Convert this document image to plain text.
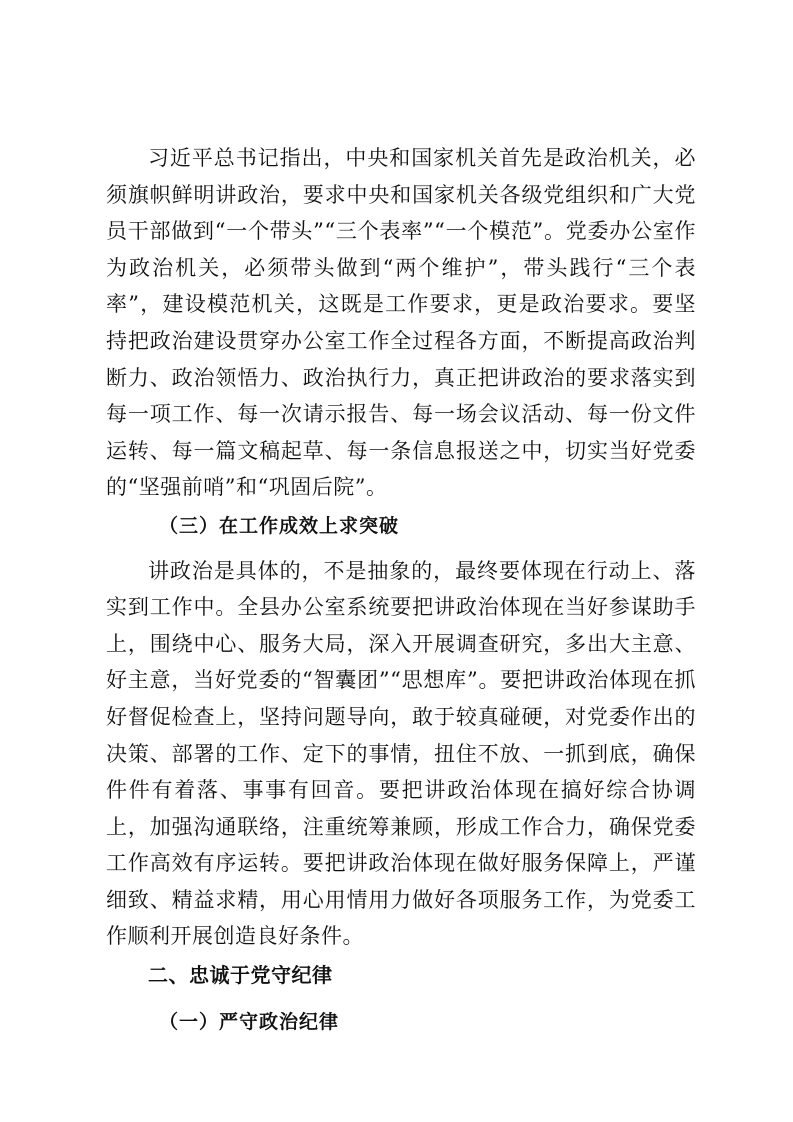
习近平总书记指出，中央和国家机关首先是政治机关，必须旗帜鲜明讲政治，要求中央和国家机关各级党组织和广大党员干部做到“一个带头”“三个表率”“一个模范”。党委办公室作为政治机关，必须带头做到“两个维护”，带头践行“三个表率”，建设模范机关，这既是工作要求，更是政治要求。要坚持把政治建设贯穿办公室工作全过程各方面，不断提高政治判断力、政治领悟力、政治执行力，真正把讲政治的要求落实到每一项工作、每一次请示报告、每一场会议活动、每一份文件运转、每一篇文稿起草、每一条信息报送之中，切实当好党委的“坚强前哨”和“巩固后院”。

（三）在工作成效上求突破

讲政治是具体的，不是抽象的，最终要体现在行动上、落实到工作中。全县办公室系统要把讲政治体现在当好参谋助手上，围绕中心、服务大局，深入开展调查研究，多出大主意、好主意，当好党委的“智囊团”“思想库”。要把讲政治体现在抓好督促检查上，坚持问题导向，敢于较真碰硬，对党委作出的决策、部署的工作、定下的事情，扭住不放、一抓到底，确保件件有着落、事事有回音。要把讲政治体现在搞好综合协调上，加强沟通联络，注重统筹兼顾，形成工作合力，确保党委工作高效有序运转。要把讲政治体现在做好服务保障上，严谨细致、精益求精，用心用情用力做好各项服务工作，为党委工作顺利开展创造良好条件。

二、忠诚于党守纪律

（一）严守政治纪律
